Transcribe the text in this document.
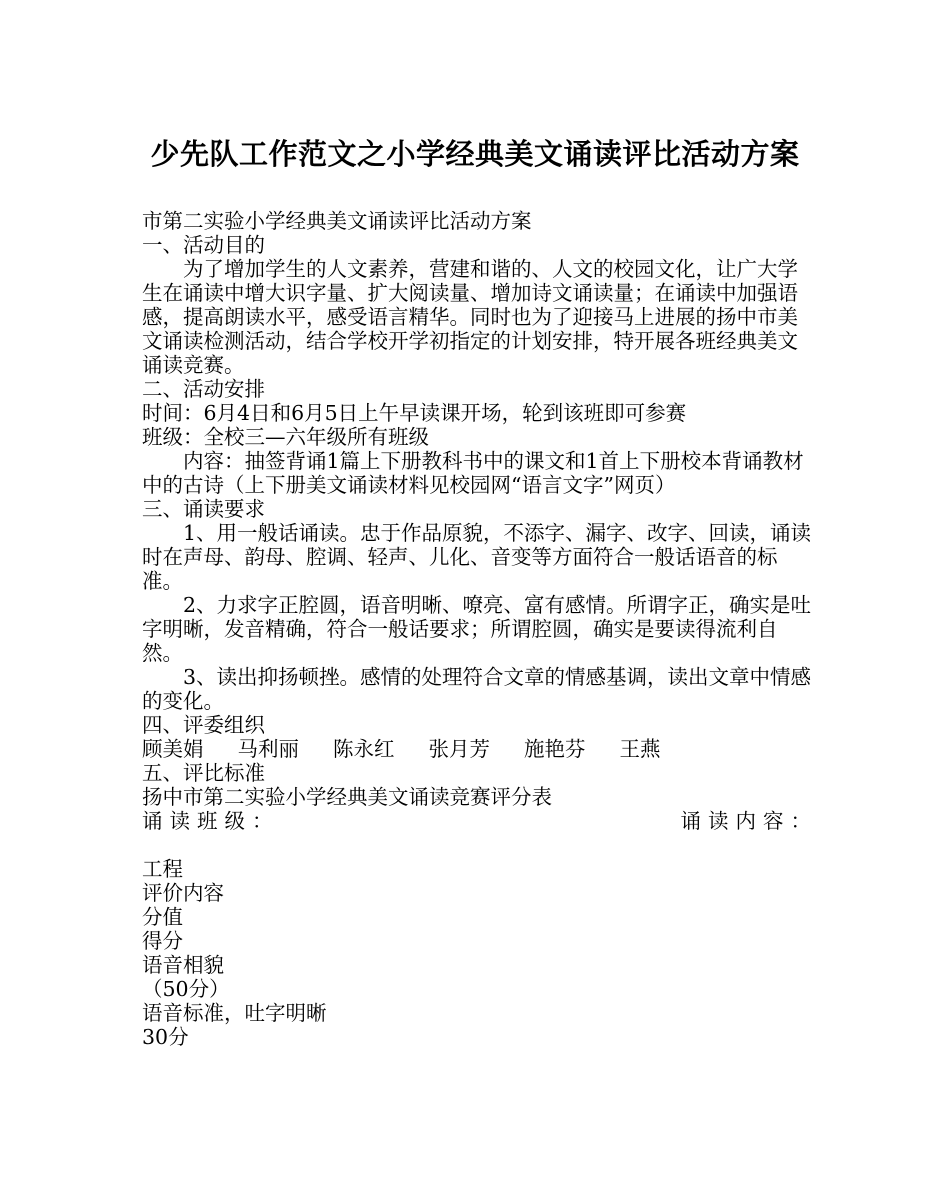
少先队工作范文之小学经典美文诵读评比活动方案

市第二实验小学经典美文诵读评比活动方案

一、活动目的

为了增加学生的人文素养，营建和谐的、人文的校园文化，让广大学生在诵读中增大识字量、扩大阅读量、增加诗文诵读量；在诵读中加强语感，提高朗读水平，感受语言精华。同时也为了迎接马上进展的扬中市美文诵读检测活动，结合学校开学初指定的计划安排，特开展各班经典美文诵读竞赛。

二、活动安排

时间：6月4日和6月5日上午早读课开场，轮到该班即可参赛

班级：全校三—六年级所有班级

内容：抽签背诵1篇上下册教科书中的课文和1首上下册校本背诵教材中的古诗（上下册美文诵读材料见校园网“语言文字”网页）

三、诵读要求

1、用一般话诵读。忠于作品原貌，不添字、漏字、改字、回读，诵读时在声母、韵母、腔调、轻声、儿化、音变等方面符合一般话语音的标准。

2、力求字正腔圆，语音明晰、嘹亮、富有感情。所谓字正，确实是吐字明晰，发音精确，符合一般话要求；所谓腔圆，确实是要读得流利自然。

3、读出抑扬顿挫。感情的处理符合文章的情感基调，读出文章中情感的变化。

四、评委组织

顾美娟 马利丽 陈永红 张月芳 施艳芬 王燕

五、评比标准

扬中市第二实验小学经典美文诵读竞赛评分表

诵读班级：	诵读内容：

工程

评价内容

分值

得分

语音相貌

（50分）

语音标准，吐字明晰

30分
